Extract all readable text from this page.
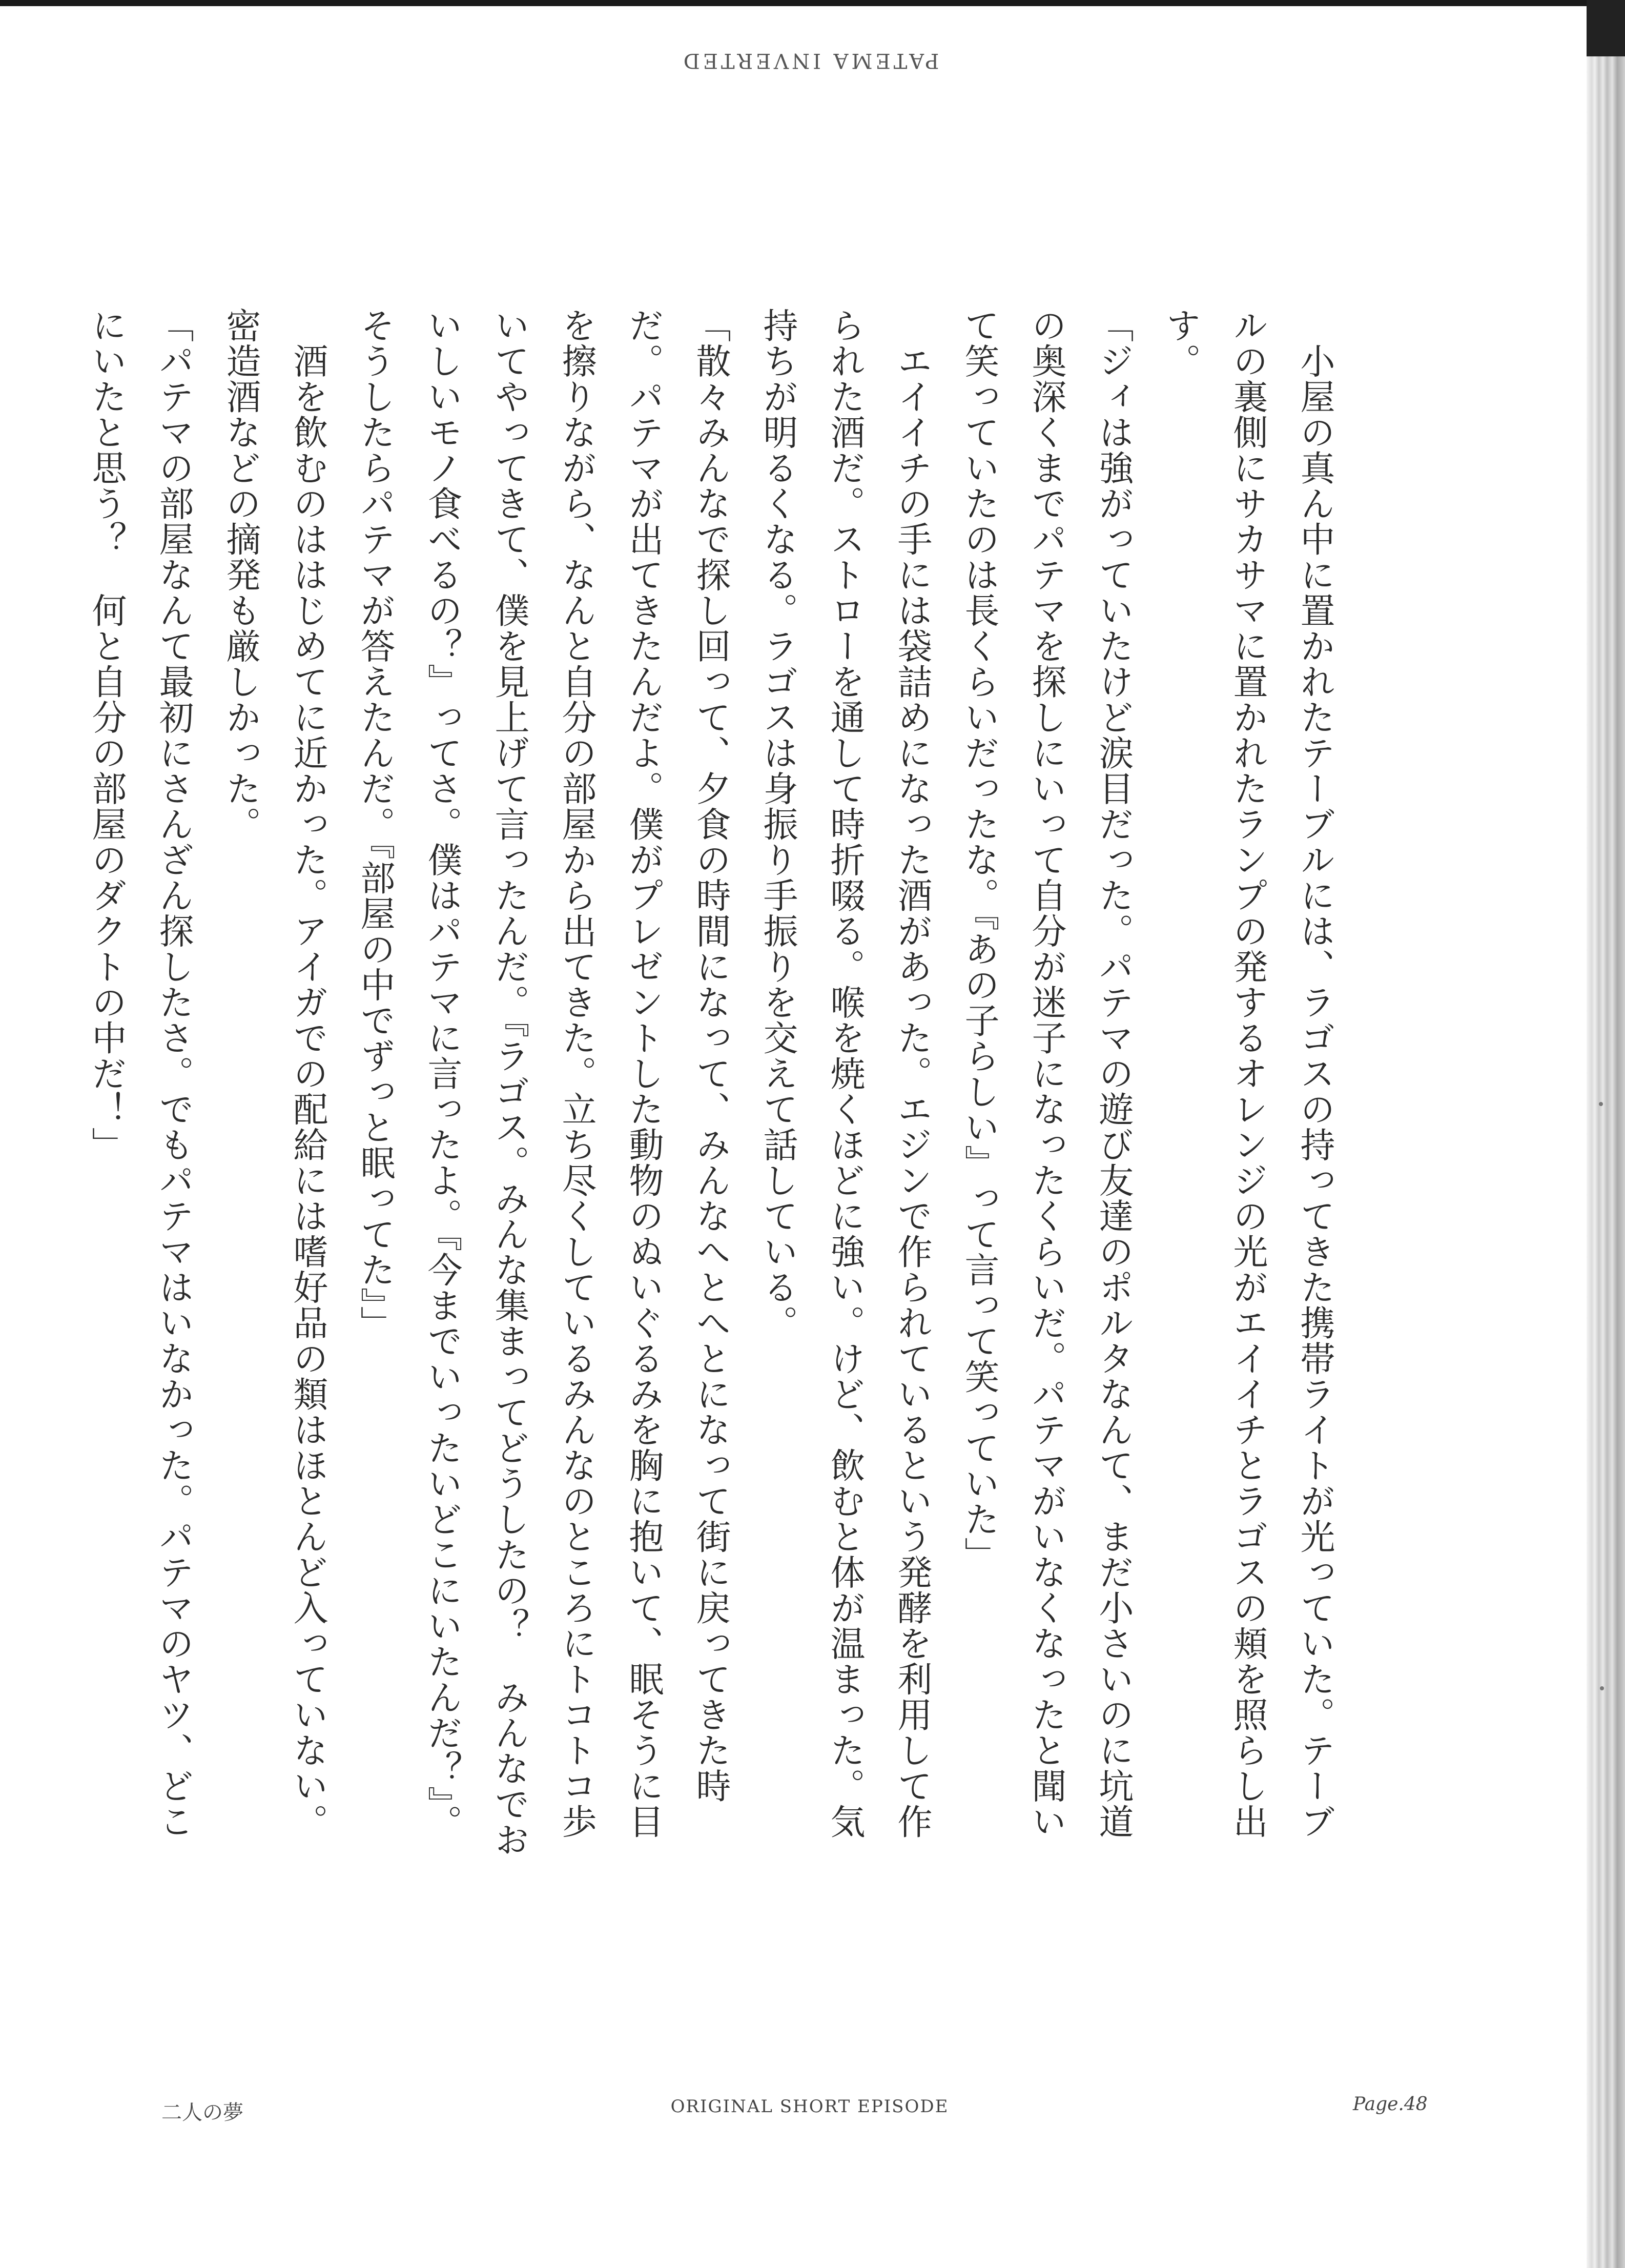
PATEMA INVERTED

　小屋の真ん中に置かれたテーブルには、ラゴスの持ってきた携帯ライトが光っていた。テーブルの裏側にサカサマに置かれたランプの発するオレンジの光がエイイチとラゴスの頬を照らし出す。

「ジィは強がっていたけど涙目だった。パテマの遊び友達のポルタなんて、まだ小さいのに坑道の奥深くまでパテマを探しにいって自分が迷子になったくらいだ。パテマがいなくなったと聞いて笑っていたのは長くらいだったな。『あの子らしい』って言って笑っていた」

　エイイチの手には袋詰めになった酒があった。エジンで作られているという発酵を利用して作られた酒だ。ストローを通して時折啜る。喉を焼くほどに強い。けど、飲むと体が温まった。気持ちが明るくなる。ラゴスは身振り手振りを交えて話している。

「散々みんなで探し回って、夕食の時間になって、みんなへとへとになって街に戻ってきた時だ。パテマが出てきたんだよ。僕がプレゼントした動物のぬいぐるみを胸に抱いて、眠そうに目を擦りながら、なんと自分の部屋から出てきた。立ち尽くしているみんなのところにトコトコ歩いてやってきて、僕を見上げて言ったんだ。『ラゴス。みんな集まってどうしたの？　みんなでおいしいモノ食べるの？』ってさ。僕はパテマに言ったよ。『今までいったいどこにいたんだ？』。そうしたらパテマが答えたんだ。『部屋の中でずっと眠ってた』」

　酒を飲むのははじめてに近かった。アイガでの配給には嗜好品の類はほとんど入っていない。密造酒などの摘発も厳しかった。

「パテマの部屋なんて最初にさんざん探したさ。でもパテマはいなかった。パテマのヤツ、どこにいたと思う？　何と自分の部屋のダクトの中だ！」

二人の夢	ORIGINAL SHORT EPISODE	Page.48
